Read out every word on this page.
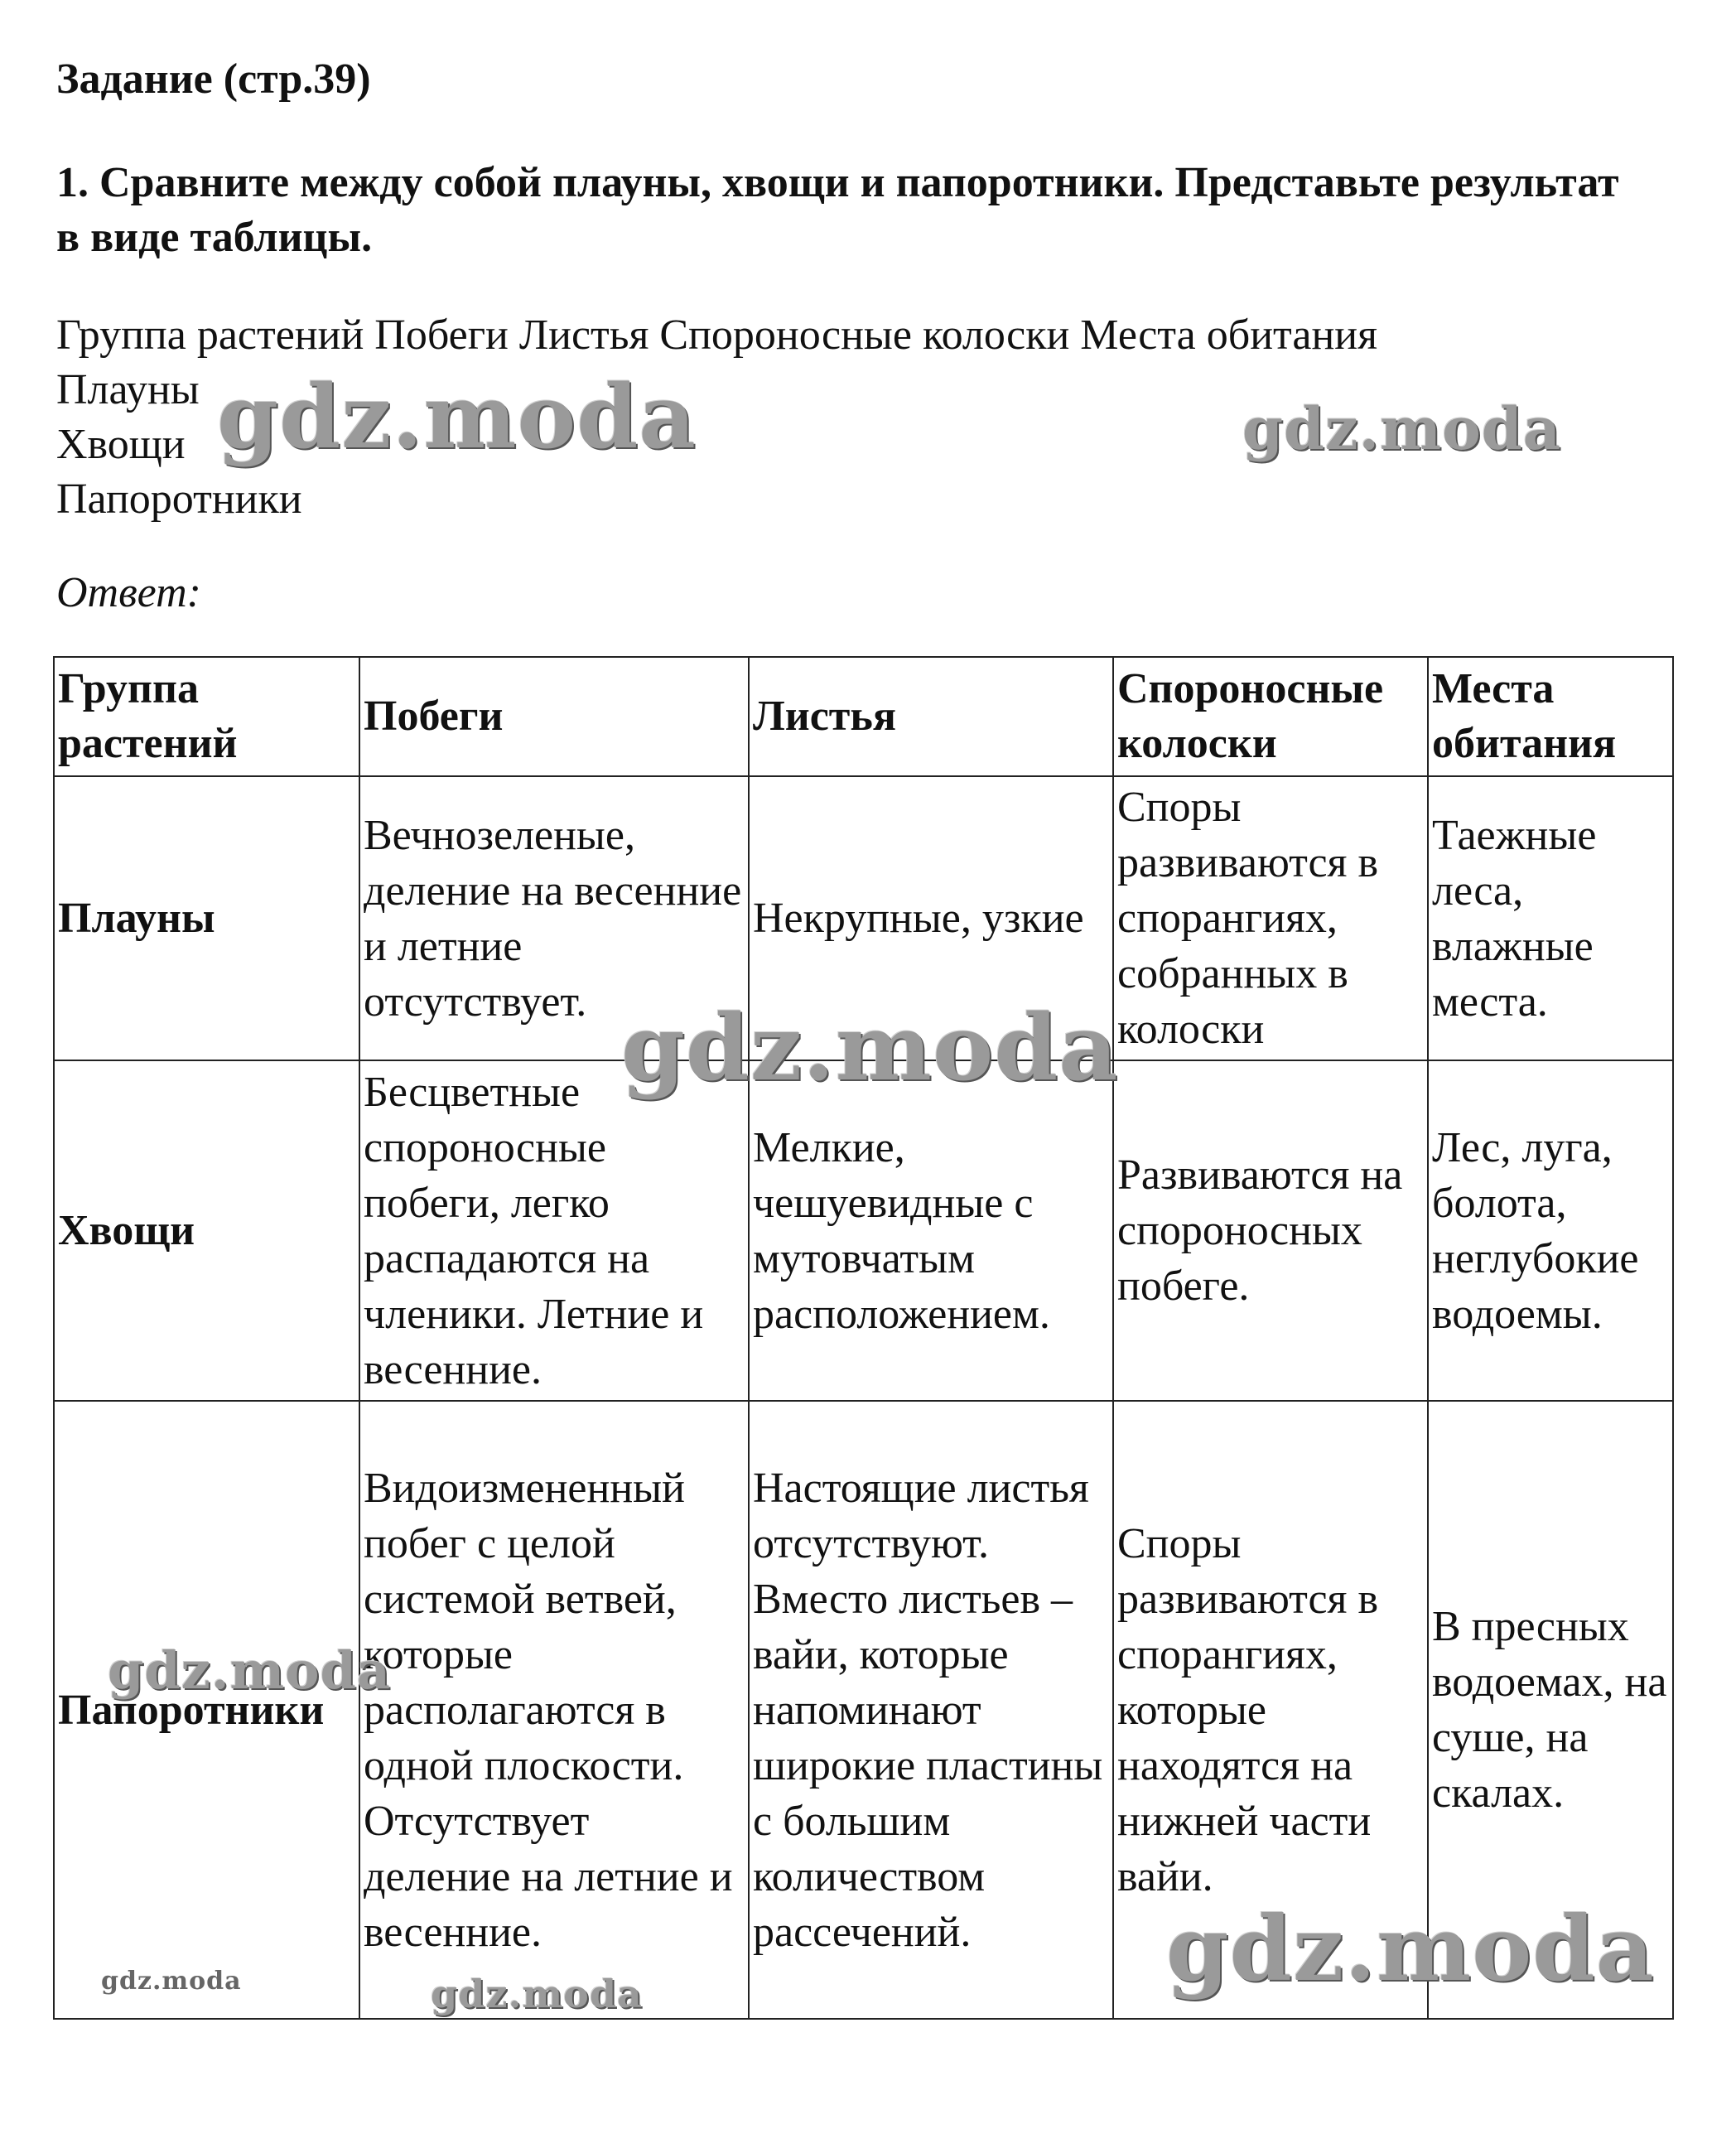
Задание (стр.39)
1. Сравните между собой плауны, хвощи и папоротники. Представьте результат в виде таблицы.
Группа растений Побеги Листья Спороносные колоски Места обитания
Плауны
Хвощи
Папоротники
Ответ:
Группа растений	Побеги	Листья	Спороносные колоски	Места обитания
Плауны	Вечнозеленые, деление на весенние и летние отсутствует.	Некрупные, узкие	Споры развиваются в спорангиях, собранных в колоски	Таежные леса, влажные места.
Хвощи	Бесцветные спороносные побеги, легко распадаются на членики. Летние и весенние.	Мелкие, чешуевидные с мутовчатым расположением.	Развиваются на спороносных побеге.	Лес, луга, болота, неглубокие водоемы.
Папоротники	Видоизмененный побег с целой системой ветвей, которые располагаются в одной плоскости. Отсутствует деление на летние и весенние.	Настоящие листья отсутствуют. Вместо листьев – вайи, которые напоминают широкие пластины с большим количеством рассечений.	Споры развиваются в спорангиях, которые находятся на нижней части вайи.	В пресных водоемах, на суше, на скалах.
gdz.moda	gdz.moda
gdz.moda
gdz.moda
gdz.moda	gdz.moda	gdz.moda
